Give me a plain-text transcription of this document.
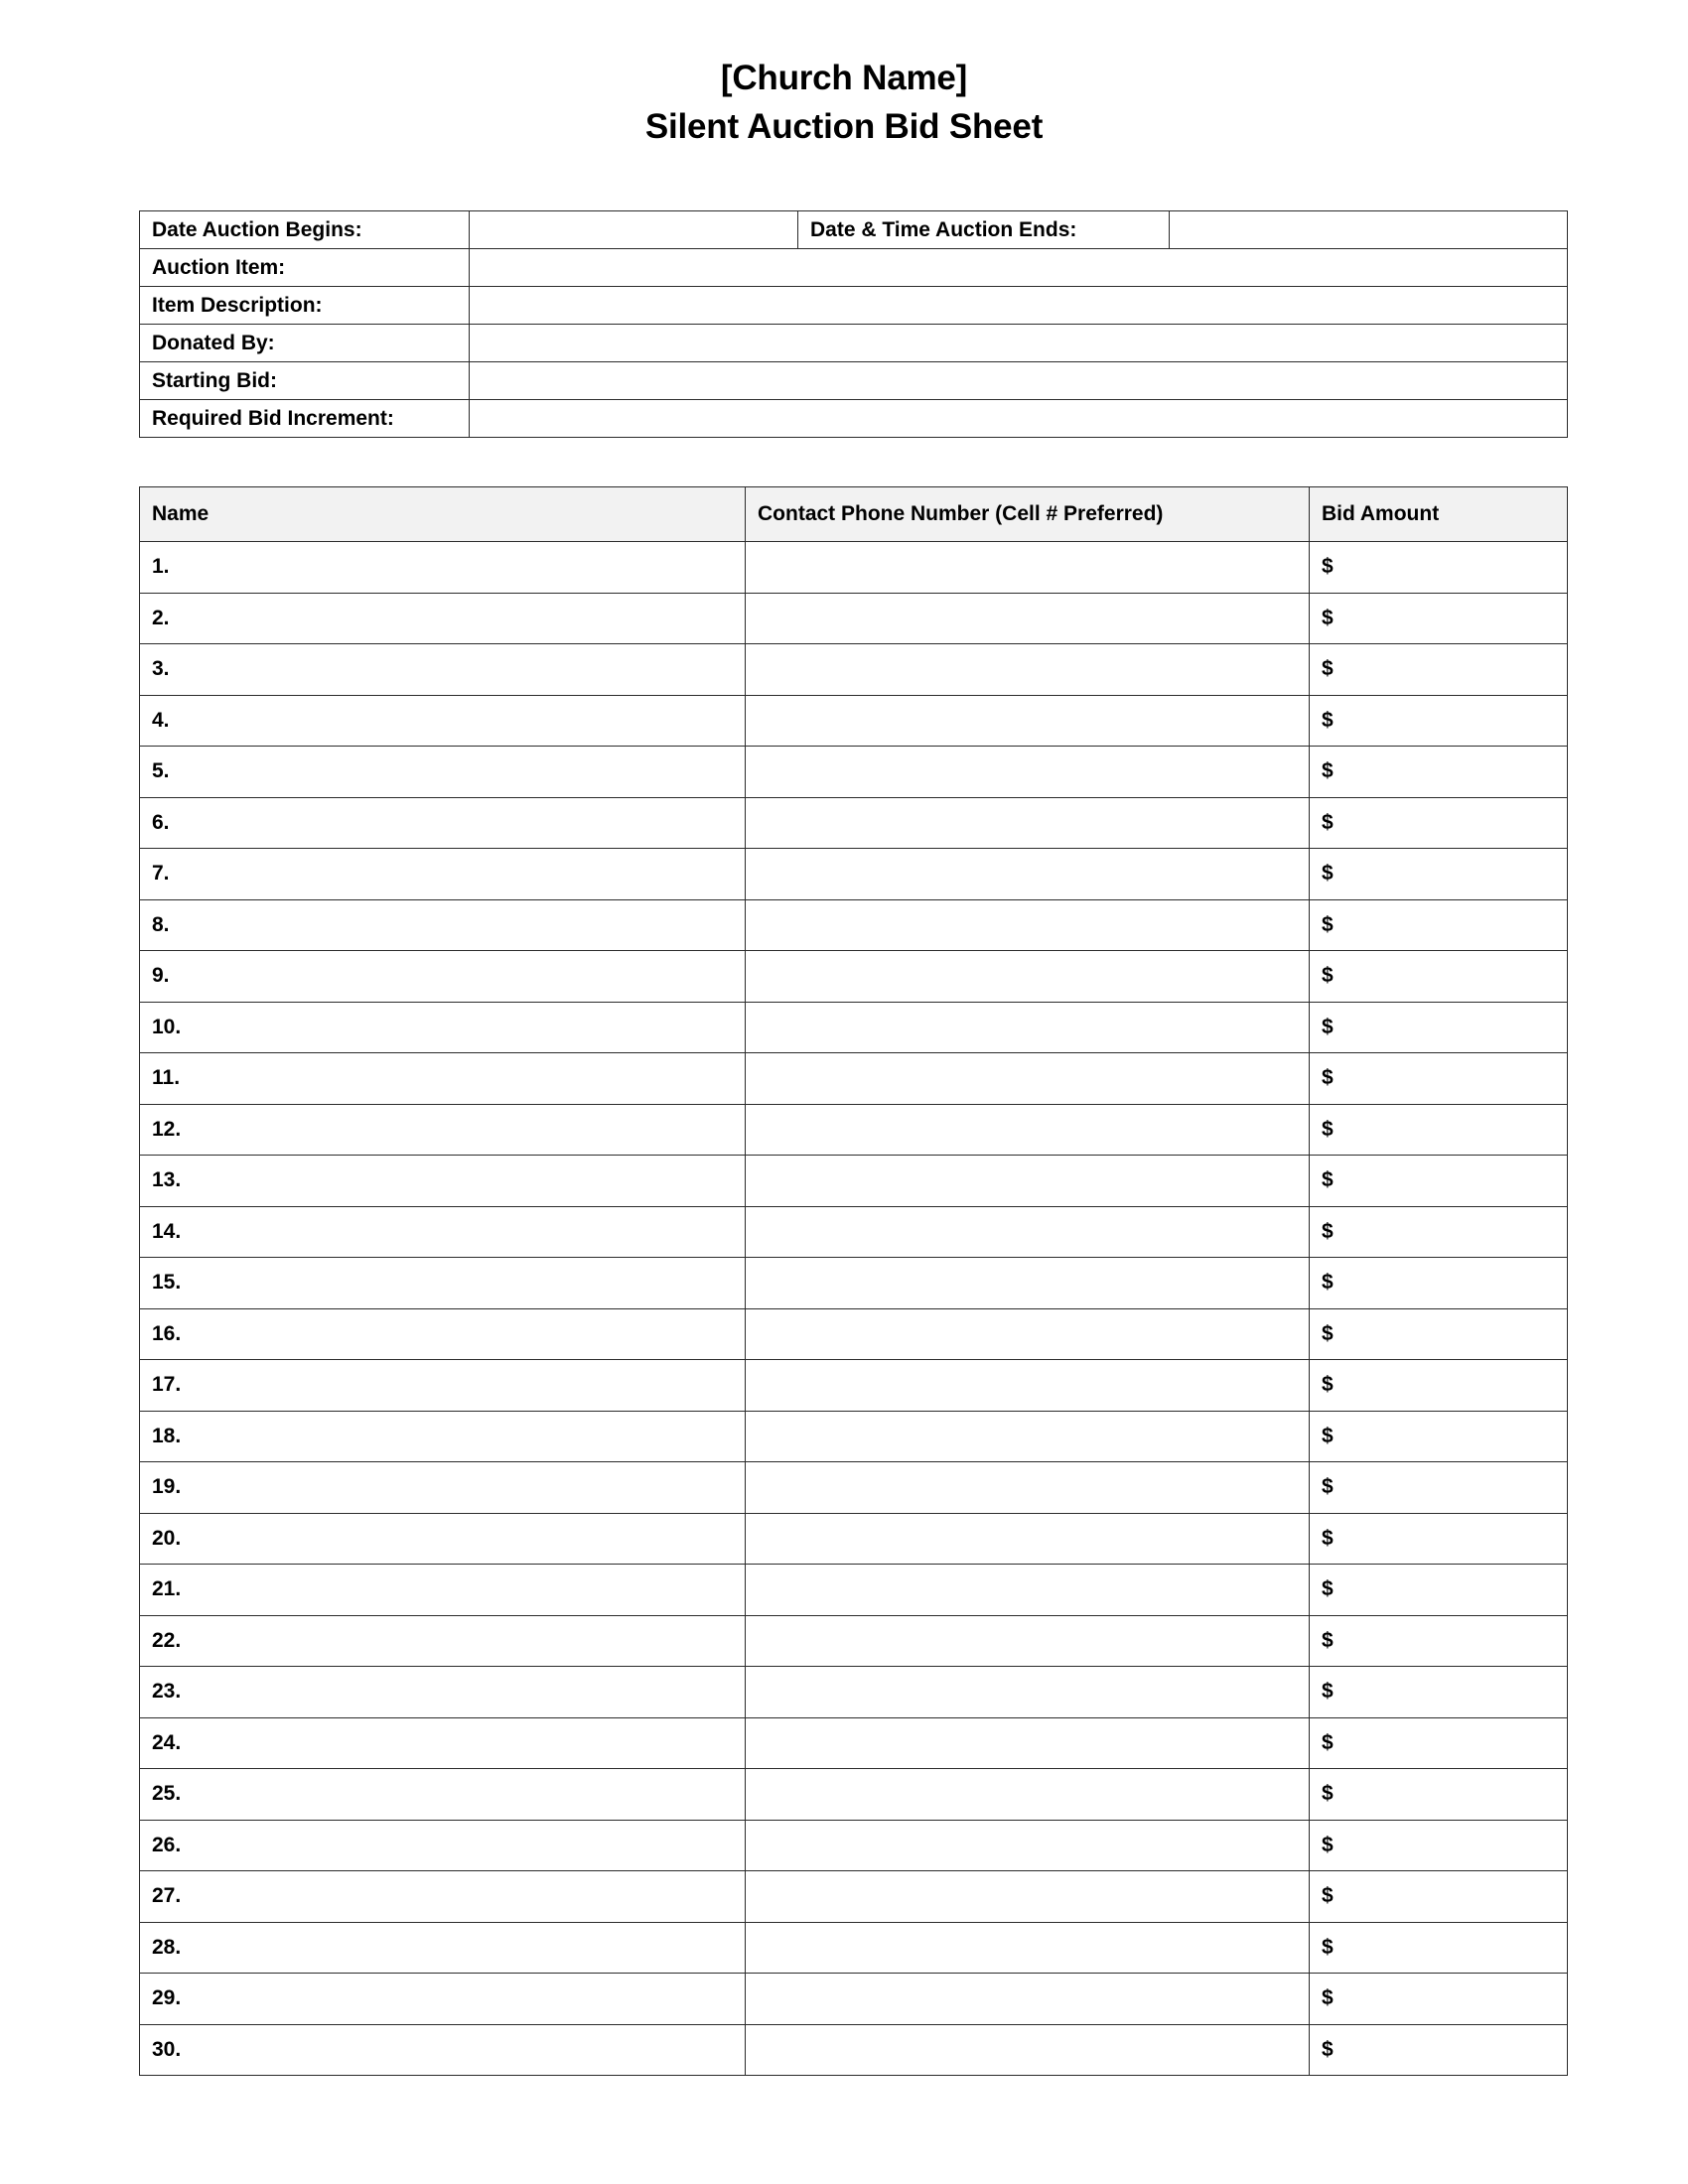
[Church Name]
Silent Auction Bid Sheet
Date Auction Begins:		Date & Time Auction Ends:	
Auction Item:			
Item Description:			
Donated By:			
Starting Bid:			
Required Bid Increment:			
Name	Contact Phone Number (Cell # Preferred)	Bid Amount
1.		$
2.		$
3.		$
4.		$
5.		$
6.		$
7.		$
8.		$
9.		$
10.		$
11.		$
12.		$
13.		$
14.		$
15.		$
16.		$
17.		$
18.		$
19.		$
20.		$
21.		$
22.		$
23.		$
24.		$
25.		$
26.		$
27.		$
28.		$
29.		$
30.		$
